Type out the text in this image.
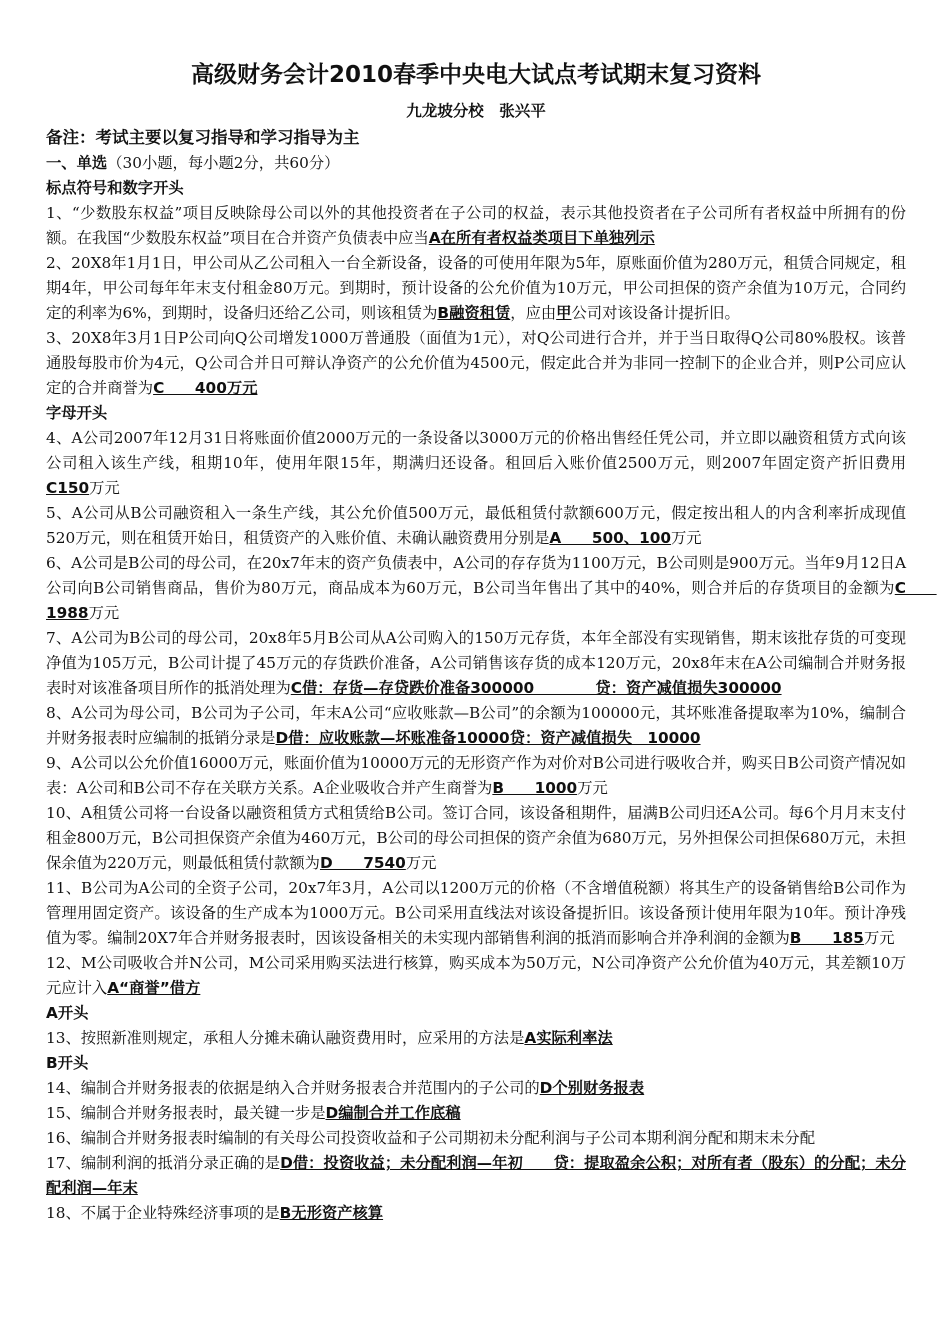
高级财务会计2010春季中央电大试点考试期末复习资料
九龙坡分校　张兴平
备注：考试主要以复习指导和学习指导为主
一、单选（30小题，每小题2分，共60分）
标点符号和数字开头
1、“少数股东权益”项目反映除母公司以外的其他投资者在子公司的权益，表示其他投资者在子公司所有者权益中所拥有的份额。在我国“少数股东权益”项目在合并资产负债表中应当A在所有者权益类项目下单独列示
2、20X8年1月1日，甲公司从乙公司租入一台全新设备，设备的可使用年限为5年，原账面价值为280万元，租赁合同规定，租期4年，甲公司每年年末支付租金80万元。到期时，预计设备的公允价值为10万元，甲公司担保的资产余值为10万元，合同约定的利率为6%，到期时，设备归还给乙公司，则该租赁为B融资租赁，应由甲公司对该设备计提折旧。
3、20X8年3月1日P公司向Q公司增发1000万普通股（面值为1元），对Q公司进行合并，并于当日取得Q公司80%股权。该普通股每股市价为4元，Q公司合并日可辩认净资产的公允价值为4500元，假定此合并为非同一控制下的企业合并，则P公司应认定的合并商誉为C　　400万元
字母开头
4、A公司2007年12月31日将账面价值2000万元的一条设备以3000万元的价格出售经任凭公司，并立即以融资租赁方式向该公司租入该生产线，租期10年，使用年限15年，期满归还设备。租回后入账价值2500万元，则2007年固定资产折旧费用C150万元
5、A公司从B公司融资租入一条生产线，其公允价值500万元，最低租赁付款额600万元，假定按出租人的内含利率折成现值520万元，则在租赁开始日，租赁资产的入账价值、未确认融资费用分别是A　　500、100万元
6、A公司是B公司的母公司，在20x7年末的资产负债表中，A公司的存存货为1100万元，B公司则是900万元。当年9月12日A公司向B公司销售商品，售价为80万元，商品成本为60万元，B公司当年售出了其中的40%，则合并后的存货项目的金额为C　　1988万元
7、A公司为B公司的母公司，20x8年5月B公司从A公司购入的150万元存货，本年全部没有实现销售，期末该批存货的可变现净值为105万元，B公司计提了45万元的存货跌价准备，A公司销售该存货的成本120万元，20x8年末在A公司编制合并财务报表时对该准备项目所作的抵消处理为C借：存货—存贷跌价准备300000　　　　贷：资产减值损失300000
8、A公司为母公司，B公司为子公司，年末A公司“应收账款—B公司”的余额为100000元，其坏账准备提取率为10%，编制合并财务报表时应编制的抵销分录是D借：应收账款—坏账准备10000贷：资产减值损失　10000
9、A公司以公允价值16000万元，账面价值为10000万元的无形资产作为对价对B公司进行吸收合并，购买日B公司资产情况如表：A公司和B公司不存在关联方关系。A企业吸收合并产生商誉为B　　1000万元
10、A租赁公司将一台设备以融资租赁方式租赁给B公司。签订合同，该设备租期件，届满B公司归还A公司。每6个月月末支付租金800万元，B公司担保资产余值为460万元，B公司的母公司担保的资产余值为680万元，另外担保公司担保680万元，未担保余值为220万元，则最低租赁付款额为D　　7540万元
11、B公司为A公司的全资子公司，20x7年3月，A公司以1200万元的价格（不含增值税额）将其生产的设备销售给B公司作为管理用固定资产。该设备的生产成本为1000万元。B公司采用直线法对该设备提折旧。该设备预计使用年限为10年。预计净残值为零。编制20X7年合并财务报表时，因该设备相关的未实现内部销售利润的抵消而影响合并净利润的金额为B　　185万元
12、M公司吸收合并N公司，M公司采用购买法进行核算，购买成本为50万元，N公司净资产公允价值为40万元，其差额10万元应计入A“商誉”借方
A开头
13、按照新准则规定，承租人分摊未确认融资费用时，应采用的方法是A实际利率法
B开头
14、编制合并财务报表的依据是纳入合并财务报表合并范围内的子公司的D个别财务报表
15、编制合并财务报表时，最关键一步是D编制合并工作底稿
16、编制合并财务报表时编制的有关母公司投资收益和子公司期初未分配利润与子公司本期利润分配和期末未分配
17、编制利润的抵消分录正确的是D借：投资收益；未分配利润—年初　　贷：提取盈余公积；对所有者（股东）的分配；未分配利润—年末
18、不属于企业特殊经济事项的是B无形资产核算
